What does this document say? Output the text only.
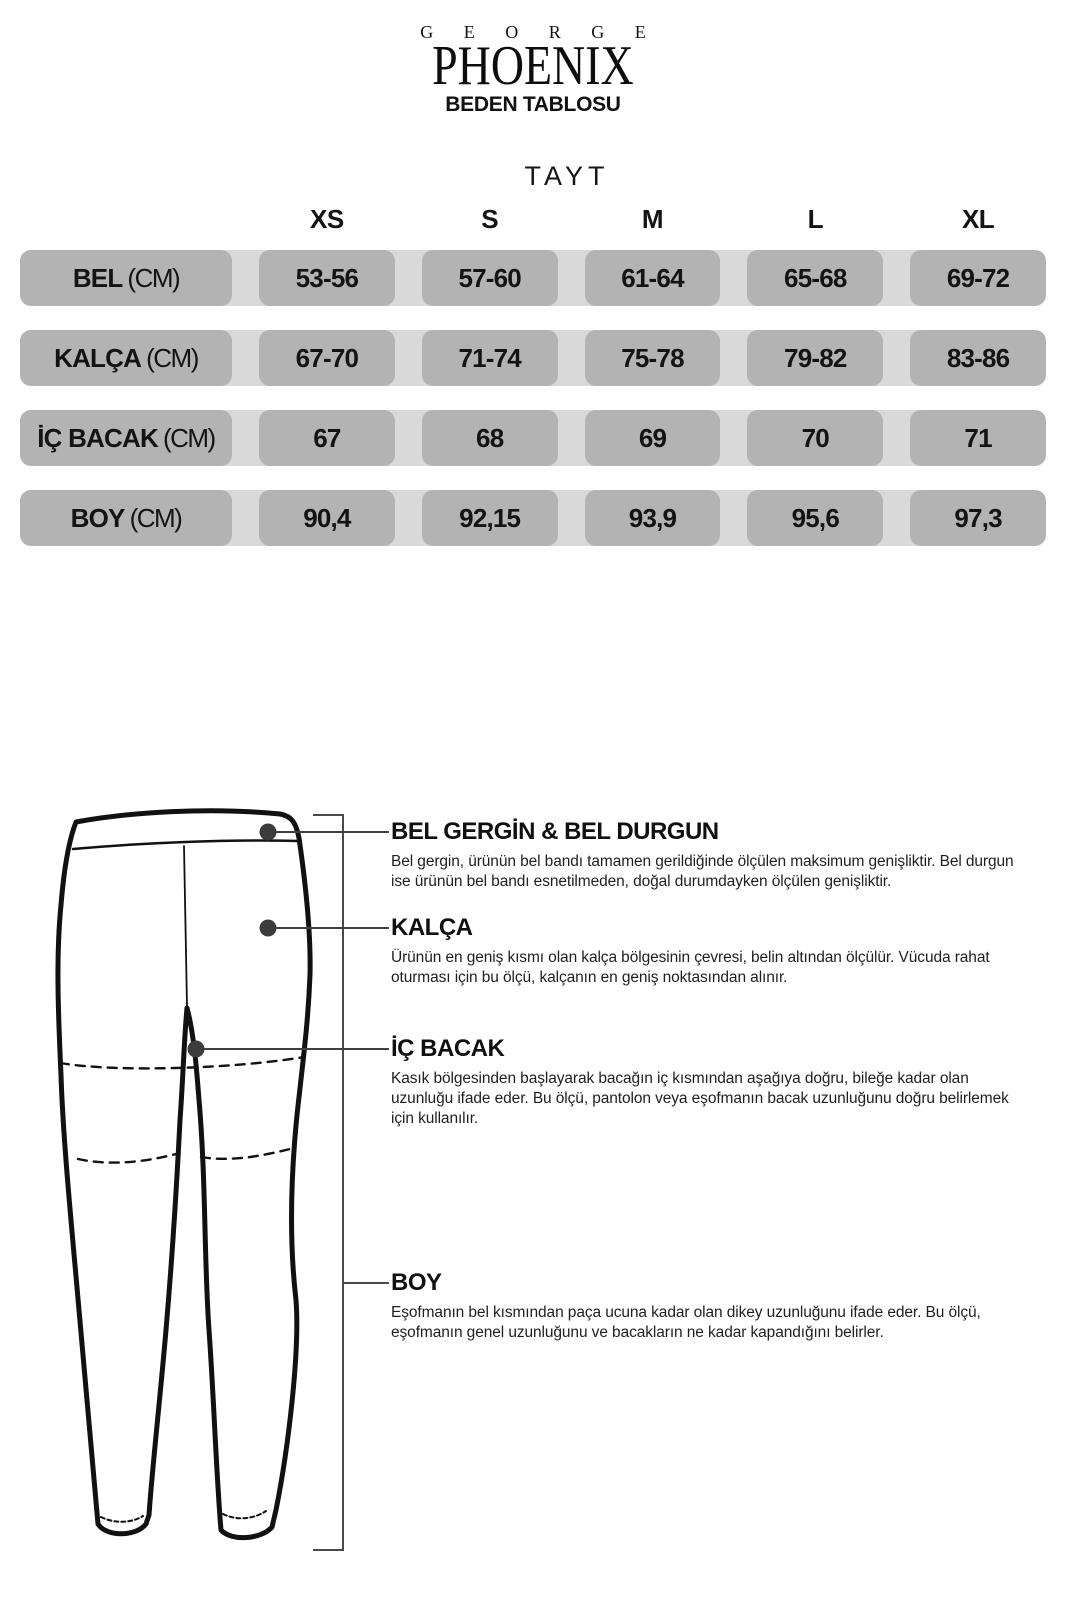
G E O R G E
PHOENIX
BEDEN TABLOSU
TAYT
XS	S	M	L	XL
BEL (CM)	53-56	57-60	61-64	65-68	69-72
KALÇA (CM)	67-70	71-74	75-78	79-82	83-86
İÇ BACAK (CM)	67	68	69	70	71
BOY (CM)	90,4	92,15	93,9	95,6	97,3
BEL GERGİN & BEL DURGUN

Bel gergin, ürünün bel bandı tamamen gerildiğinde ölçülen maksimum genişliktir. Bel durgun ise ürünün bel bandı esnetilmeden, doğal durumdayken ölçülen genişliktir.

KALÇA

Ürünün en geniş kısmı olan kalça bölgesinin çevresi, belin altından ölçülür. Vücuda rahat oturması için bu ölçü, kalçanın en geniş noktasından alınır.

İÇ BACAK

Kasık bölgesinden başlayarak bacağın iç kısmından aşağıya doğru, bileğe kadar olan uzunluğu ifade eder. Bu ölçü, pantolon veya eşofmanın bacak uzunluğunu doğru belirlemek için kullanılır.

BOY

Eşofmanın bel kısmından paça ucuna kadar olan dikey uzunluğunu ifade eder. Bu ölçü, eşofmanın genel uzunluğunu ve bacakların ne kadar kapandığını belirler.
